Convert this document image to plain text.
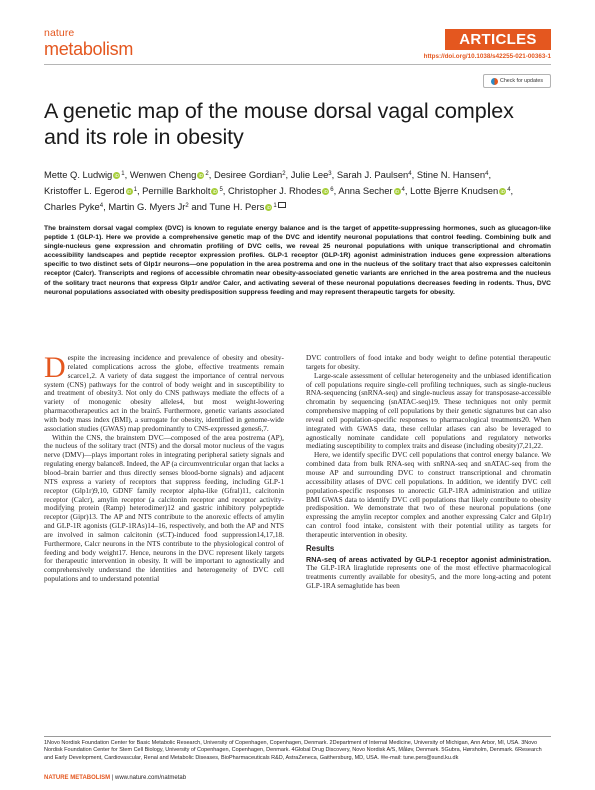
nature
metabolism	ARTICLES
https://doi.org/10.1038/s42255-021-00363-1
Check for updates
A genetic map of the mouse dorsal vagal complex and its role in obesity
Mette Q. Ludwig iD $^1$, Wenwen Cheng iD $^2$, Desiree Gordian$^2$, Julie Lee$^3$, Sarah J. Paulsen$^4$, Stine N. Hansen$^4$, Kristoffer L. Egerod iD $^1$, Pernille Barkholt iD $^5$, Christopher J. Rhodes iD $^6$, Anna Secher iD $^4$, Lotte Bjerre Knudsen iD $^4$, Charles Pyke$^4$, Martin G. Myers Jr$^2$ and Tune H. Pers iD $^1$

The brainstem dorsal vagal complex (DVC) is known to regulate energy balance and is the target of appetite-suppressing hormones, such as glucagon-like peptide 1 (GLP-1). Here we provide a comprehensive genetic map of the DVC and identify neuronal populations that control feeding. Combining bulk and single-nucleus gene expression and chromatin profiling of DVC cells, we reveal 25 neuronal populations with unique transcriptional and chromatin accessibility landscapes and peptide receptor expression profiles. GLP-1 receptor (GLP-1R) agonist administration induces gene expression alterations specific to two distinct sets of Glp1r neurons—one population in the area postrema and one in the nucleus of the solitary tract that also expresses calcitonin receptor (Calcr). Transcripts and regions of accessible chromatin near obesity-associated genetic variants are enriched in the area postrema and the nucleus of the solitary tract neurons that express Glp1r and/or Calcr, and activating several of these neuronal populations decreases feeding in rodents. Thus, DVC neuronal populations associated with obesity predisposition suppress feeding and may represent therapeutic targets for obesity.

Despite the increasing incidence and prevalence of obesity and obesity-related complications across the globe, effective treatments remain scarce1,2. A variety of data suggest the importance of central nervous system (CNS) pathways for the control of body weight and in susceptibility to and treatment of obesity3. Not only do CNS pathways mediate the effects of a variety of monogenic obesity alleles4, but most weight-lowering pharmacotherapeutics act in the brain5. Furthermore, genetic variants associated with body mass index (BMI), a surrogate for obesity, identified in genome-wide association studies (GWAS) map predominantly to CNS-expressed genes6,7.

Within the CNS, the brainstem DVC—composed of the area postrema (AP), the nucleus of the solitary tract (NTS) and the dorsal motor nucleus of the vagus nerve (DMV)—plays important roles in integrating peripheral satiety signals and regulating energy balance8. Indeed, the AP (a circumventricular organ that lacks a blood–brain barrier and thus directly senses blood-borne signals) and adjacent NTS express a variety of receptors that suppress feeding, including GLP-1 receptor (Glp1r)9,10, GDNF family receptor alpha-like (Gfral)11, calcitonin receptor (Calcr), amylin receptor (a calcitonin receptor and receptor activity-modifying protein (Ramp) heterodimer)12 and gastric inhibitory polypeptide receptor (Gipr)13. The AP and NTS contribute to the anorexic effects of amylin and GLP-1R agonists (GLP-1RAs)14–16, respectively, and both the AP and NTS are involved in salmon calcitonin (sCT)-induced food suppression14,17,18. Furthermore, Calcr neurons in the NTS contribute to the physiological control of feeding and body weight17. Hence, neurons in the DVC represent likely targets for therapeutic intervention in obesity. It will be important to agnostically and comprehensively understand the identities and heterogeneity of DVC cell populations and to understand potential

DVC controllers of food intake and body weight to define potential therapeutic targets for obesity.

Large-scale assessment of cellular heterogeneity and the unbiased identification of cell populations require single-cell profiling techniques, such as single-nucleus RNA-sequencing (snRNA-seq) and single-nucleus assay for transposase-accessible chromatin by sequencing (snATAC-seq)19. These techniques not only permit comprehensive mapping of cell populations by their genetic signatures but can also reveal cell population-specific responses to pharmacological treatments20. When integrated with GWAS data, these cellular atlases can also be leveraged to agnostically nominate candidate cell populations and regulatory networks mediating susceptibility to complex traits and disease (including obesity)7,21,22.

Here, we identify specific DVC cell populations that control energy balance. We combined data from bulk RNA-seq with snRNA-seq and snATAC-seq from the mouse AP and surrounding DVC to construct transcriptional and chromatin accessibility atlases of DVC cell populations. In addition, we identify DVC cell population-specific responses to anorectic GLP-1RA administration and utilize BMI GWAS data to identify DVC cell populations that likely contribute to obesity predisposition. We demonstrate that two of these neuronal populations (one expressing the amylin receptor complex and another expressing Calcr and Glp1r) can control food intake, consistent with their potential utility as targets for therapeutic intervention in obesity.

Results

RNA-seq of areas activated by GLP-1 receptor agonist administration. The GLP-1RA liraglutide represents one of the most effective pharmacological treatments currently available for obesity5, and the more long-acting and potent GLP-1RA semaglutide has been

1Novo Nordisk Foundation Center for Basic Metabolic Research, University of Copenhagen, Copenhagen, Denmark. 2Department of Internal Medicine, University of Michigan, Ann Arbor, MI, USA. 3Novo Nordisk Foundation Center for Stem Cell Biology, University of Copenhagen, Copenhagen, Denmark. 4Global Drug Discovery, Novo Nordisk A/S, Måløv, Denmark. 5Gubra, Hørsholm, Denmark. 6Research and Early Development, Cardiovascular, Renal and Metabolic Diseases, BioPharmaceuticals R&D, AstraZeneca, Gaithersburg, MD, USA. ✉e-mail: tune.pers@sund.ku.dk

NATURE METABOLISM | www.nature.com/natmetab
